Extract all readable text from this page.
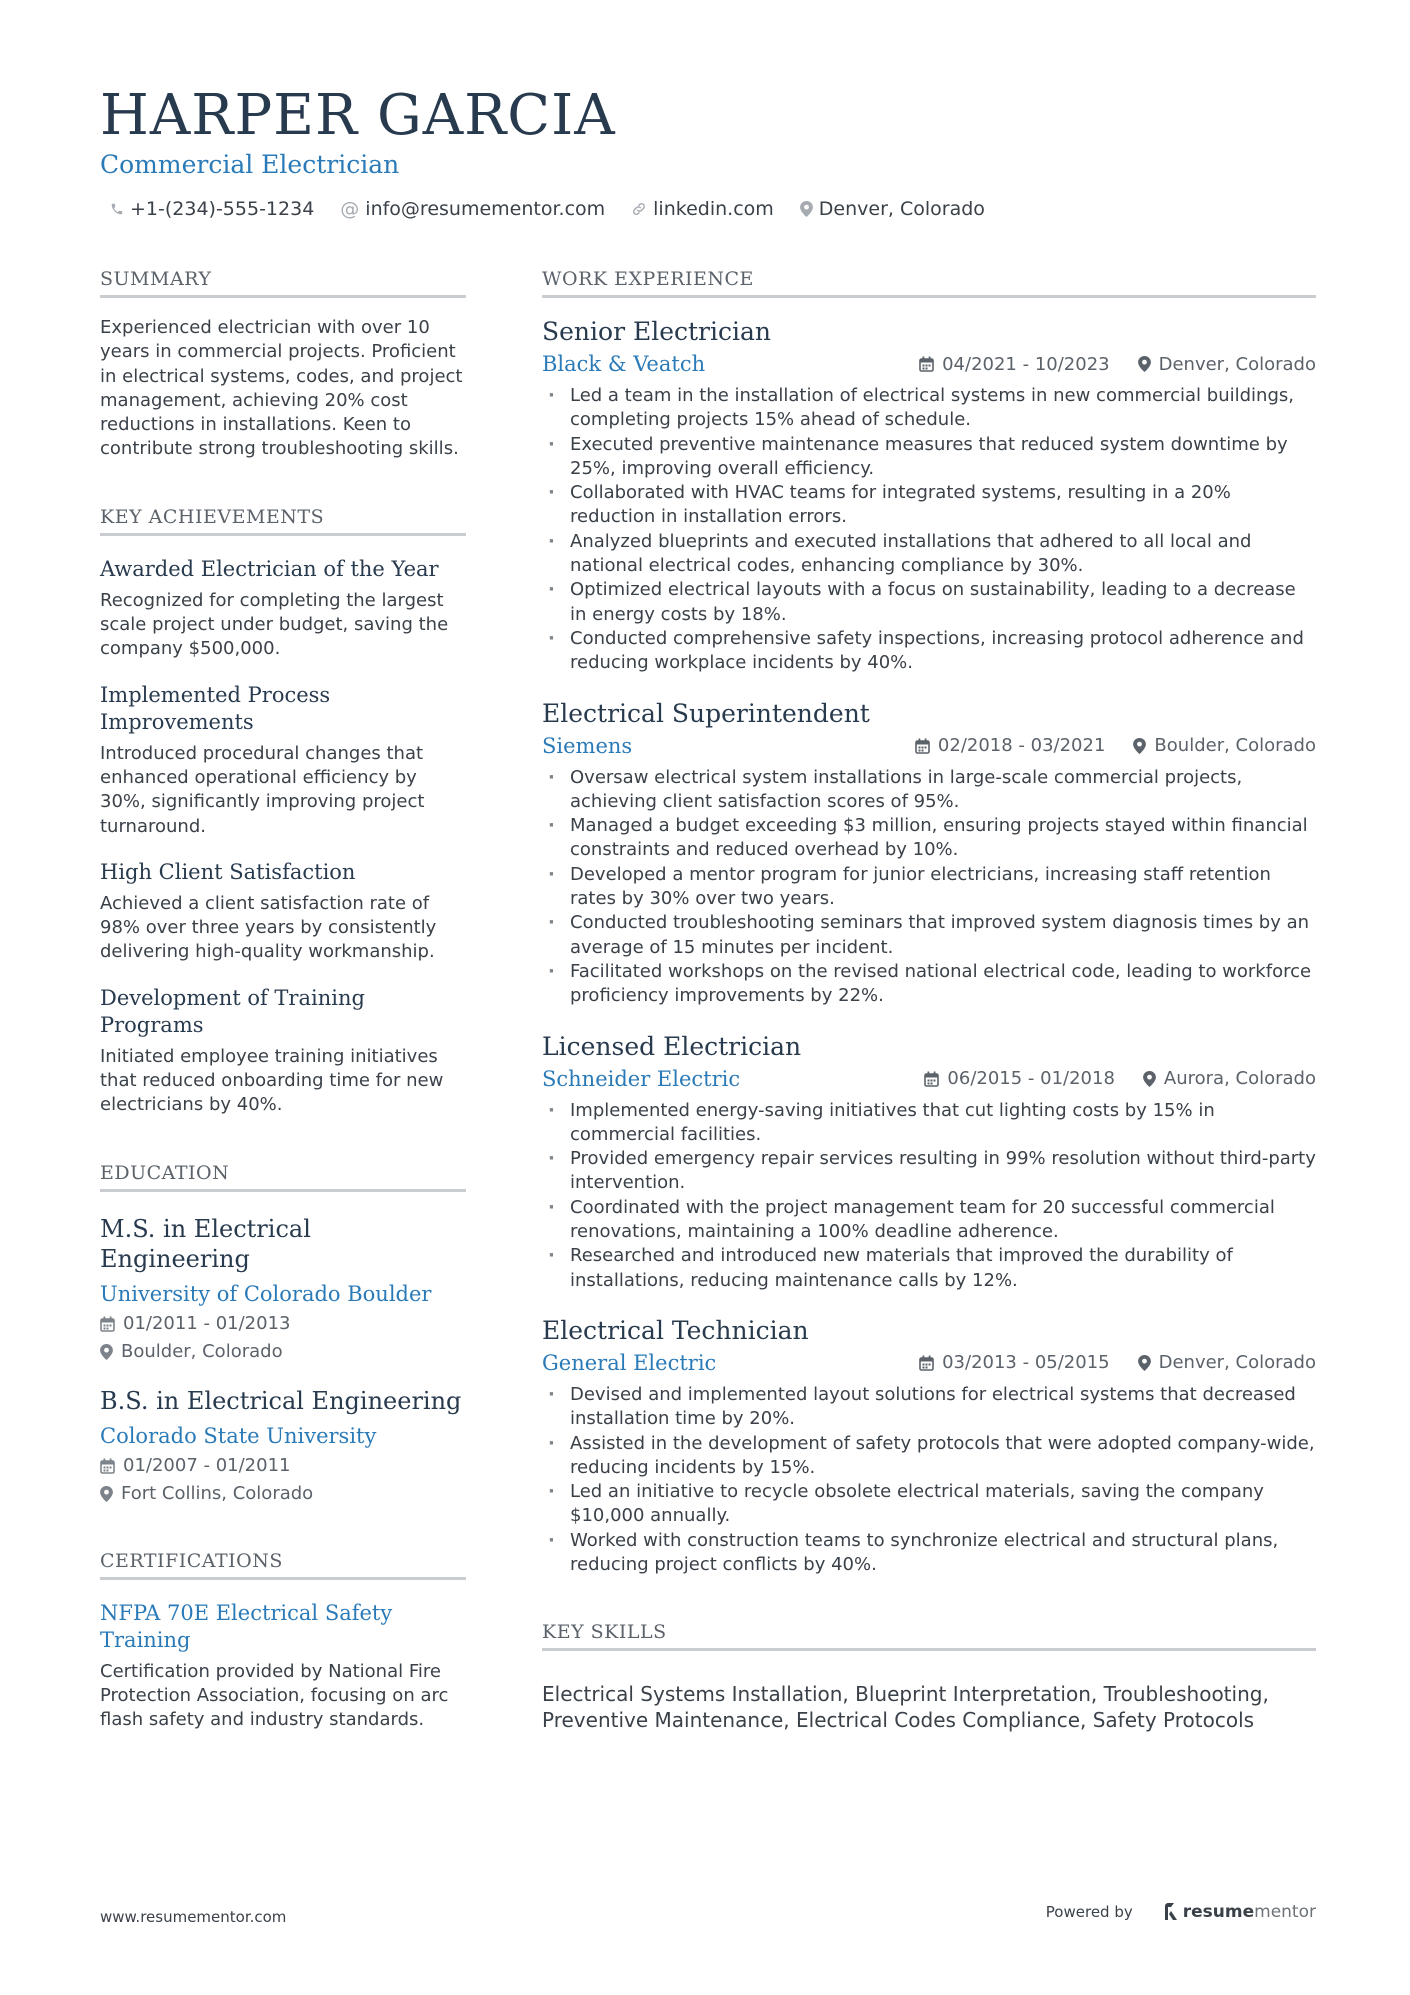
HARPER GARCIA
Commercial Electrician
+1-(234)-555-1234 @ info@resumementor.com	linkedin.com Denver, Colorado
SUMMARY
Experienced electrician with over 10 years in commercial projects. Proficient in electrical systems, codes, and project management, achieving 20% cost reductions in installations. Keen to contribute strong troubleshooting skills.
KEY ACHIEVEMENTS
Awarded Electrician of the Year
Recognized for completing the largest scale project under budget, saving the company $500,000.
Implemented Process Improvements
Introduced procedural changes that enhanced operational efficiency by 30%, significantly improving project turnaround.
High Client Satisfaction
Achieved a client satisfaction rate of 98% over three years by consistently delivering high-quality workmanship.
Development of Training Programs
Initiated employee training initiatives that reduced onboarding time for new electricians by 40%.
EDUCATION
M.S. in Electrical Engineering
University of Colorado Boulder
01/2011 - 01/2013
Boulder, Colorado
B.S. in Electrical Engineering
Colorado State University
01/2007 - 01/2011
Fort Collins, Colorado
CERTIFICATIONS
NFPA 70E Electrical Safety Training
Certification provided by National Fire Protection Association, focusing on arc flash safety and industry standards.
WORK EXPERIENCE
Senior Electrician
Black & Veatch	04/2021 - 10/2023	Denver, Colorado
· Led a team in the installation of electrical systems in new commercial buildings, completing projects 15% ahead of schedule.
· Executed preventive maintenance measures that reduced system downtime by 25%, improving overall efficiency.
· Collaborated with HVAC teams for integrated systems, resulting in a 20% reduction in installation errors.
· Analyzed blueprints and executed installations that adhered to all local and national electrical codes, enhancing compliance by 30%.
· Optimized electrical layouts with a focus on sustainability, leading to a decrease in energy costs by 18%.
· Conducted comprehensive safety inspections, increasing protocol adherence and reducing workplace incidents by 40%.
Electrical Superintendent
Siemens	02/2018 - 03/2021	Boulder, Colorado
· Oversaw electrical system installations in large-scale commercial projects, achieving client satisfaction scores of 95%.
· Managed a budget exceeding $3 million, ensuring projects stayed within financial constraints and reduced overhead by 10%.
· Developed a mentor program for junior electricians, increasing staff retention rates by 30% over two years.
· Conducted troubleshooting seminars that improved system diagnosis times by an average of 15 minutes per incident.
· Facilitated workshops on the revised national electrical code, leading to workforce proficiency improvements by 22%.
Licensed Electrician
Schneider Electric	06/2015 - 01/2018	Aurora, Colorado
· Implemented energy-saving initiatives that cut lighting costs by 15% in commercial facilities.
· Provided emergency repair services resulting in 99% resolution without third-party intervention.
· Coordinated with the project management team for 20 successful commercial renovations, maintaining a 100% deadline adherence.
· Researched and introduced new materials that improved the durability of installations, reducing maintenance calls by 12%.
Electrical Technician
General Electric	03/2013 - 05/2015	Denver, Colorado
· Devised and implemented layout solutions for electrical systems that decreased installation time by 20%.
· Assisted in the development of safety protocols that were adopted company-wide, reducing incidents by 15%.
· Led an initiative to recycle obsolete electrical materials, saving the company $10,000 annually.
· Worked with construction teams to synchronize electrical and structural plans, reducing project conflicts by 40%.
KEY SKILLS
Electrical Systems Installation, Blueprint Interpretation, Troubleshooting, Preventive Maintenance, Electrical Codes Compliance, Safety Protocols
www.resumementor.com	Powered by	resume mentor
